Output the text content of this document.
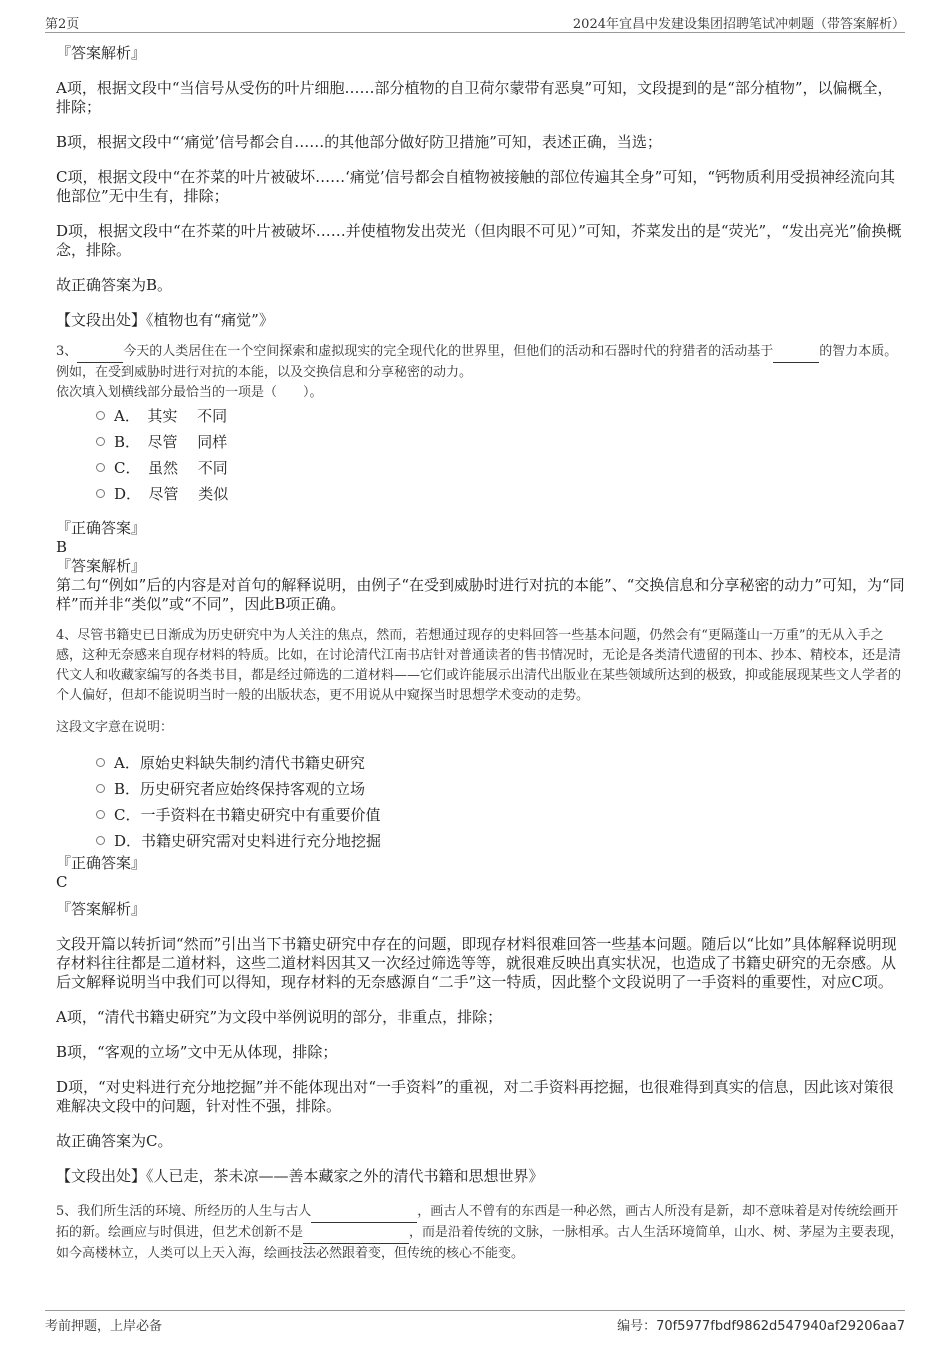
第2页	2024年宜昌中发建设集团招聘笔试冲刺题（带答案解析）

『答案解析』

A项，根据文段中“当信号从受伤的叶片细胞……部分植物的自卫荷尔蒙带有恶臭”可知，文段提到的是“部分植物”，以偏概全，排除；

B项，根据文段中“‘痛觉’信号都会自……的其他部分做好防卫措施”可知，表述正确，当选；

C项，根据文段中“在芥菜的叶片被破坏……‘痛觉’信号都会自植物被接触的部位传遍其全身”可知，“钙物质利用受损神经流向其他部位”无中生有，排除；

D项，根据文段中“在芥菜的叶片被破坏……并使植物发出荧光（但肉眼不可见）”可知，芥菜发出的是“荧光”，“发出亮光”偷换概念，排除。

故正确答案为B。

【文段出处】《植物也有“痛觉”》

3、	今天的人类居住在一个空间探索和虚拟现实的完全现代化的世界里，但他们的活动和石器时代的狩猎者的活动基于	的智力本质。例如，在受到威胁时进行对抗的本能，以及交换信息和分享秘密的动力。

依次填入划横线部分最恰当的一项是（　　）。

A．　其实　 不同
B．　尽管　 同样
C．　虽然　 不同
D．　尽管　 类似

『正确答案』

B

『答案解析』

第二句“例如”后的内容是对首句的解释说明，由例子“在受到威胁时进行对抗的本能”、“交换信息和分享秘密的动力”可知，为“同样”而并非“类似”或“不同”，因此B项正确。

4、尽管书籍史已日渐成为历史研究中为人关注的焦点，然而，若想通过现存的史料回答一些基本问题，仍然会有“更隔蓬山一万重”的无从入手之感，这种无奈感来自现存材料的特质。比如，在讨论清代江南书店针对普通读者的售书情况时，无论是各类清代遗留的刊本、抄本、精校本，还是清代文人和收藏家编写的各类书目，都是经过筛选的二道材料——它们或许能展示出清代出版业在某些领域所达到的极致，抑或能展现某些文人学者的个人偏好，但却不能说明当时一般的出版状态，更不用说从中窥探当时思想学术变动的走势。

这段文字意在说明：

A．原始史料缺失制约清代书籍史研究
B．历史研究者应始终保持客观的立场
C．一手资料在书籍史研究中有重要价值
D．书籍史研究需对史料进行充分地挖掘

『正确答案』

C

『答案解析』

文段开篇以转折词“然而”引出当下书籍史研究中存在的问题，即现存材料很难回答一些基本问题。随后以“比如”具体解释说明现存材料往往都是二道材料，这些二道材料因其又一次经过筛选等等，就很难反映出真实状况，也造成了书籍史研究的无奈感。从后文解释说明当中我们可以得知，现存材料的无奈感源自“二手”这一特质，因此整个文段说明了一手资料的重要性，对应C项。

A项，“清代书籍史研究”为文段中举例说明的部分，非重点，排除；

B项，“客观的立场”文中无从体现，排除；

D项，“对史料进行充分地挖掘”并不能体现出对“一手资料”的重视，对二手资料再挖掘，也很难得到真实的信息，因此该对策很难解决文段中的问题，针对性不强，排除。

故正确答案为C。

【文段出处】《人已走，茶未凉——善本藏家之外的清代书籍和思想世界》

5、我们所生活的环境、所经历的人生与古人	，画古人不曾有的东西是一种必然，画古人所没有是新，却不意味着是对传统绘画开拓的新。绘画应与时俱进，但艺术创新不是	，而是沿着传统的文脉，一脉相承。古人生活环境简单，山水、树、茅屋为主要表现，如今高楼林立，人类可以上天入海，绘画技法必然跟着变，但传统的核心不能变。

考前押题，上岸必备	编号：70f5977fbdf9862d547940af29206aa7
